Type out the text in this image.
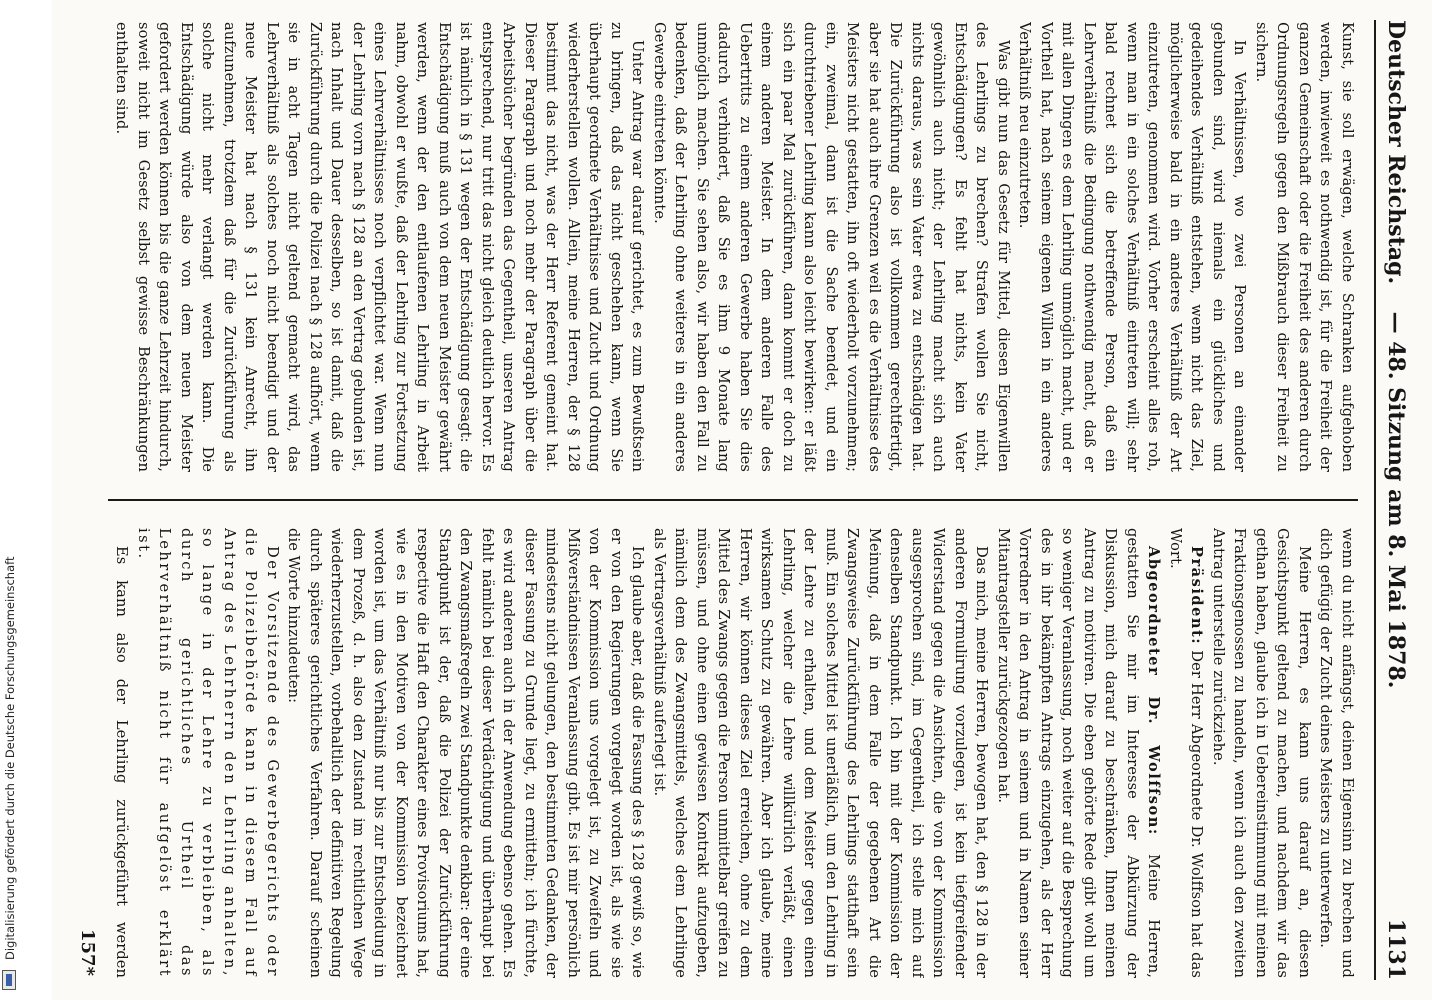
Digitalisierung gefördert durch die Deutsche Forschungsgemeinschaft
Deutscher Reichstag.
— 48. Sitzung am 8. Mai 1878.
1131

Kunst, sie soll erwägen, welche Schranken aufgehoben werden, inwieweit es nothwendig ist, für die Freiheit der ganzen Gemeinschaft oder die Freiheit des anderen durch Ordnungsregeln gegen den Mißbrauch dieser Freiheit zu sichern.

In Verhältnissen, wo zwei Personen an einander gebunden sind, wird niemals ein glückliches und gedeihendes Verhältniß entstehen, wenn nicht das Ziel, möglicherweise bald in ein anderes Verhältniß der Art einzutreten, genommen wird. Vorher erscheint alles roh, wenn man in ein solches Verhältniß eintreten will; sehr bald rechnet sich die betreffende Person, daß ein Lehrverhältniß die Bedingung nothwendig macht, daß er mit allen Dingen es dem Lehrling unmöglich macht, und er Vortheil hat, nach seinem eigenen Willen in ein anderes Verhältniß neu einzutreten.

Was gibt nun das Gesetz für Mittel, diesen Eigenwillen des Lehrlings zu brechen? Strafen wollen Sie nicht, Entschädigungen? Es fehlt hat nichts, kein Vater gewöhnlich auch nicht; der Lehrling macht sich auch nichts daraus, was sein Vater etwa zu entschädigen hat. Die Zurückführung also ist vollkommen gerechtfertigt, aber sie hat auch ihre Grenzen weil es die Verhältnisse des Meisters nicht gestatten, ihn oft wiederholt vorzunehmen; ein, zweimal, dann ist die Sache beendet, und ein durchtriebener Lehrling kann also leicht bewirken: er läßt sich ein paar Mal zurückführen, dann kommt er doch zu einem anderen Meister. In dem anderen Falle des Uebertritts zu einem anderen Gewerbe haben Sie dies dadurch verhindert, daß Sie es ihm 9 Monate lang unmöglich machen. Sie sehen also, wir haben den Fall zu bedenken, daß der Lehrling ohne weiteres in ein anderes Gewerbe eintreten könnte.

Unter Antrag war darauf gerichtet, es zum Bewußtsein zu bringen, daß das nicht geschehen kann, wenn Sie überhaupt geordnete Verhältnisse und Zucht und Ordnung wiederherstellen wollen. Allein, meine Herren, der § 128 bestimmt das nicht, was der Herr Referent gemeint hat. Dieser Paragraph und noch mehr der Paragraph über die Arbeitsbücher begründen das Gegentheil, unseren Antrag entsprechend, nur tritt das nicht gleich deutlich hervor. Es ist nämlich in § 131 wegen der Entschädigung gesagt: die Entschädigung muß auch von dem neuen Meister gewährt werden, wenn der den entlaufenen Lehrling in Arbeit nahm, obwohl er wußte, daß der Lehrling zur Fortsetzung eines Lehrverhältnisses noch verpflichtet war. Wenn nun der Lehrling vorn nach § 128 an den Vertrag gebunden ist, nach Inhalt und Dauer desselben, so ist damit, daß die Zurückführung durch die Polizei nach § 128 aufhört, wenn sie in acht Tagen nicht geltend gemacht wird, das Lehrverhältniß als solches noch nicht beendigt und der neue Meister hat nach § 131 kein Anrecht, ihn aufzunehmen, trotzdem daß für die Zurückführung als solche nicht mehr verlangt werden kann. Die Entschädigung würde also von dem neuen Meister gefordert werden können bis die ganze Lehrzeit hindurch, soweit nicht im Gesetz selbst gewisse Beschränkungen enthalten sind.

wenn du nicht anfängst, deinen Eigensinn zu brechen und dich gefügig der Zucht deines Meisters zu unterwerfen.

Meine Herren, es kann uns darauf an, diesen Gesichtspunkt geltend zu machen, und nachdem wir das gethan haben, glaube ich in Uebereinstimmung mit meinen Fraktionsgenossen zu handeln, wenn ich auch den zweiten Antrag unterstelle zurückziehe.

Präsident: Der Herr Abgeordnete Dr. Wolffson hat das Wort.

Abgeordneter Dr. Wolffson: Meine Herren, gestatten Sie mir im Interesse der Abkürzung der Diskussion, mich darauf zu beschränken, Ihnen meinen Antrag zu motiviren. Die eben gehörte Rede gibt wohl um so weniger Veranlassung, noch weiter auf die Besprechung des in ihr bekämpften Antrags einzugehen, als der Herr Vorredner in den Antrag in seinem und in Namen seiner Mitantragsteller zurückgezogen hat.

Das mich, meine Herren, bewogen hat, den § 128 in der anderen Formulirung vorzulegen, ist kein tiefgreifender Widerstand gegen die Ansichten, die von der Kommission ausgesprochen sind, im Gegentheil, ich stelle mich auf denselben Standpunkt. Ich bin mit der Kommission der Meinung, daß in dem Falle der gegebenen Art die Zwangsweise Zurückführung des Lehrlings statthaft sein muß. Ein solches Mittel ist unerläßlich, um den Lehrling in der Lehre zu erhalten, und dem Meister gegen einen Lehrling, welcher die Lehre willkürlich verläßt, einen wirksamen Schutz zu gewähren. Aber ich glaube, meine Herren, wir können dieses Ziel erreichen, ohne zu dem Mittel des Zwangs gegen die Person unmittelbar greifen zu müssen, und ohne einen gewissen Kontrakt aufzugeben, nämlich dem des Zwangsmittels, welches dem Lehrlinge als Vertragsverhältniß auferlegt ist.

Ich glaube aber, daß die Fassung des § 128 gewiß so, wie er von den Regierungen vorgelegt worden ist, als wie sie von der Kommission uns vorgelegt ist, zu Zweifeln und Mißverständnissen Veranlassung gibt. Es ist mir persönlich mindestens nicht gelungen, den bestimmten Gedanken, der dieser Fassung zu Grunde liegt, zu ermitteln; ich fürchte, es wird anderen auch in der Anwendung ebenso gehen. Es fehlt nämlich bei dieser Verdächtigung und überhaupt bei den Zwangsmaßregeln zwei Standpunkte denkbar: der eine Standpunkt ist der, daß die Polizei der Zurückführung respective die Haft den Charakter eines Provisoriums hat, wie es in den Motiven von der Kommission bezeichnet worden ist, um das Verhältniß nur bis zur Entscheidung in dem Prozeß, d. h. also den Zustand im rechtlichen Wege wiederherzustellen, vorbehaltlich der definitiven Regelung durch späteres gerichtliches Verfahren. Darauf scheinen die Worte hinzudeuten:

Der Vorsitzende des Gewerbegerichts oder die Polizeibehörde kann in diesem Fall auf Antrag des Lehrherrn den Lehrling anhalten, so lange in der Lehre zu verbleiben, als durch gerichtliches Urtheil das Lehrverhältniß nicht für aufgelöst erklärt ist.

Es kann also der Lehrling zurückgeführt werden

157*
